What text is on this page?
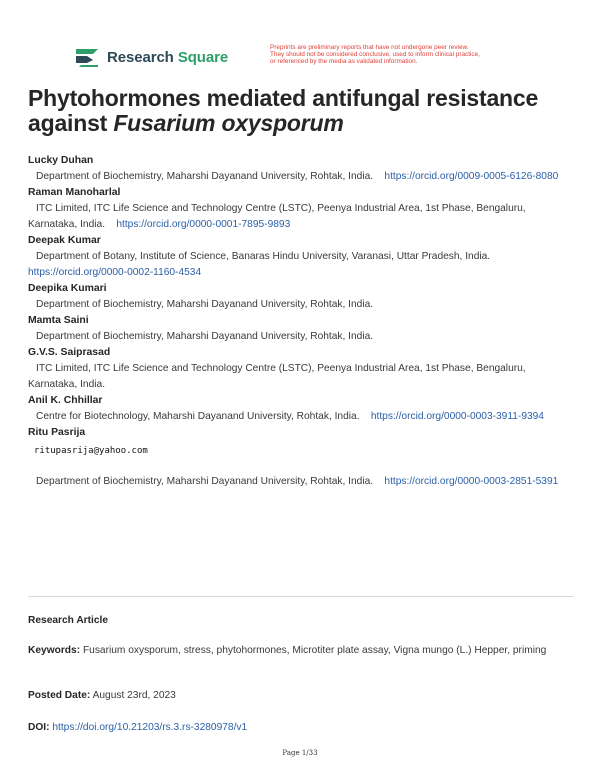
Research Square
Preprints are preliminary reports that have not undergone peer review.
They should not be considered conclusive, used to inform clinical practice,
or referenced by the media as validated information.
Phytohormones mediated antifungal resistance
against Fusarium oxysporum
Lucky Duhan
Department of Biochemistry, Maharshi Dayanand University, Rohtak, India. https://orcid.org/0009-0005-6126-8080
Raman Manoharlal
ITC Limited, ITC Life Science and Technology Centre (LSTC), Peenya Industrial Area, 1st Phase, Bengaluru, Karnataka, India. https://orcid.org/0000-0001-7895-9893
Deepak Kumar
Department of Botany, Institute of Science, Banaras Hindu University, Varanasi, Uttar Pradesh, India.    https://orcid.org/0000-0002-1160-4534
Deepika Kumari
Department of Biochemistry, Maharshi Dayanand University, Rohtak, India.
Mamta Saini
Department of Biochemistry, Maharshi Dayanand University, Rohtak, India.
G.V.S. Saiprasad
ITC Limited, ITC Life Science and Technology Centre (LSTC), Peenya Industrial Area, 1st Phase, Bengaluru, Karnataka, India.
Anil K. Chhillar
Centre for Biotechnology, Maharshi Dayanand University, Rohtak, India. https://orcid.org/0000-0003-3911-9394
Ritu Pasrija
ritupasrija@yahoo.com
Department of Biochemistry, Maharshi Dayanand University, Rohtak, India. https://orcid.org/0000-0003-2851-5391
Research Article
Keywords: Fusarium oxysporum, stress, phytohormones, Microtiter plate assay, Vigna mungo (L.) Hepper, priming
Posted Date: August 23rd, 2023
DOI: https://doi.org/10.21203/rs.3.rs-3280978/v1
Page 1/33
